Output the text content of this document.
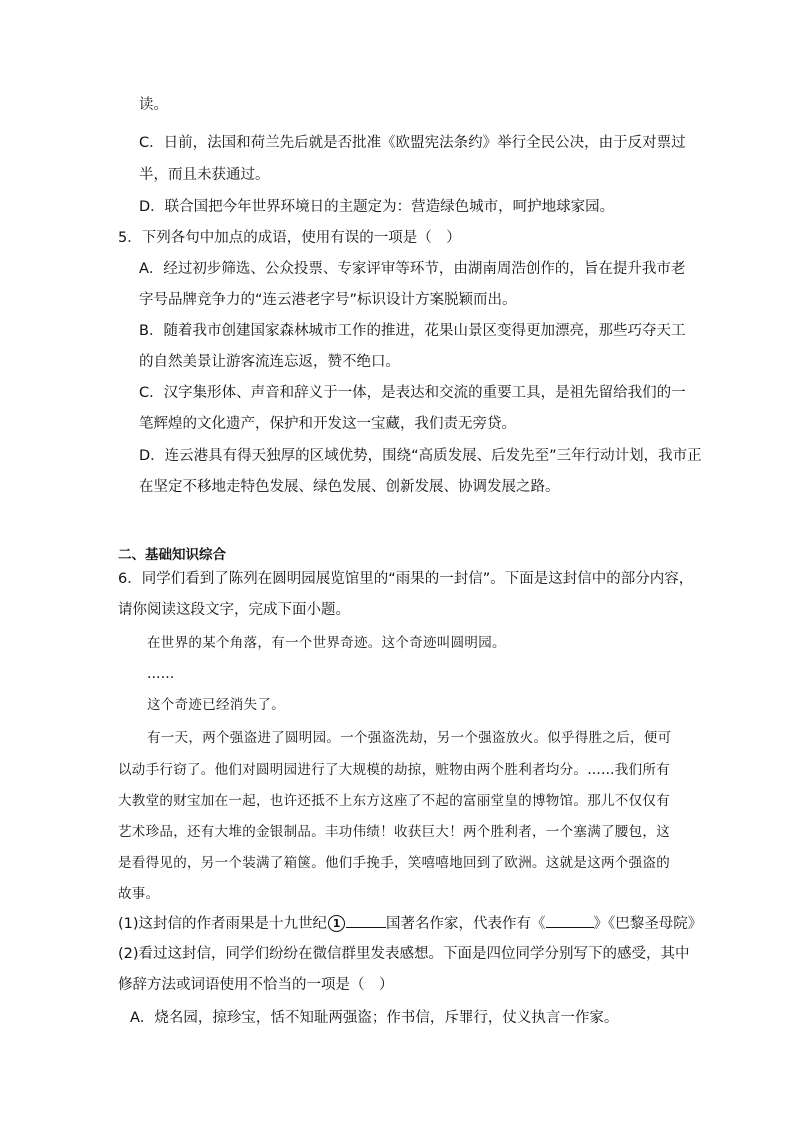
读。
C．日前，法国和荷兰先后就是否批准《欧盟宪法条约》举行全民公决，由于反对票过
半，而且未获通过。
D．联合国把今年世界环境日的主题定为：营造绿色城市，呵护地球家园。
5．下列各句中加点的成语，使用有误的一项是（　）
A．经过初步筛选、公众投票、专家评审等环节，由湖南周浩创作的，旨在提升我市老
字号品牌竞争力的“连云港老字号”标识设计方案脱颖而出。
B．随着我市创建国家森林城市工作的推进，花果山景区变得更加漂亮，那些巧夺天工
的自然美景让游客流连忘返，赞不绝口。
C．汉字集形体、声音和辞义于一体，是表达和交流的重要工具，是祖先留给我们的一
笔辉煌的文化遗产，保护和开发这一宝藏，我们责无旁贷。
D．连云港具有得天独厚的区域优势，围绕“高质发展、后发先至”三年行动计划，我市正
在坚定不移地走特色发展、绿色发展、创新发展、协调发展之路。
二、基础知识综合
6．同学们看到了陈列在圆明园展览馆里的“雨果的一封信”。下面是这封信中的部分内容，
请你阅读这段文字，完成下面小题。
在世界的某个角落，有一个世界奇迹。这个奇迹叫圆明园。
……
这个奇迹已经消失了。
有一天，两个强盗进了圆明园。一个强盗洗劫，另一个强盗放火。似乎得胜之后，便可
以动手行窃了。他们对圆明园进行了大规模的劫掠，赃物由两个胜利者均分。……我们所有
大教堂的财宝加在一起，也许还抵不上东方这座了不起的富丽堂皇的博物馆。那儿不仅仅有
艺术珍品，还有大堆的金银制品。丰功伟绩！收获巨大！两个胜利者，一个塞满了腰包，这
是看得见的，另一个装满了箱箧。他们手挽手，笑嘻嘻地回到了欧洲。这就是这两个强盗的
故事。
(1)这封信的作者雨果是十九世纪 1	国著名作家，代表作有《	》《巴黎圣母院》
(2)看过这封信，同学们纷纷在微信群里发表感想。下面是四位同学分别写下的感受，其中
修辞方法或词语使用不恰当的一项是（　）
A．烧名园，掠珍宝，恬不知耻两强盗；作书信，斥罪行，仗义执言一作家。
